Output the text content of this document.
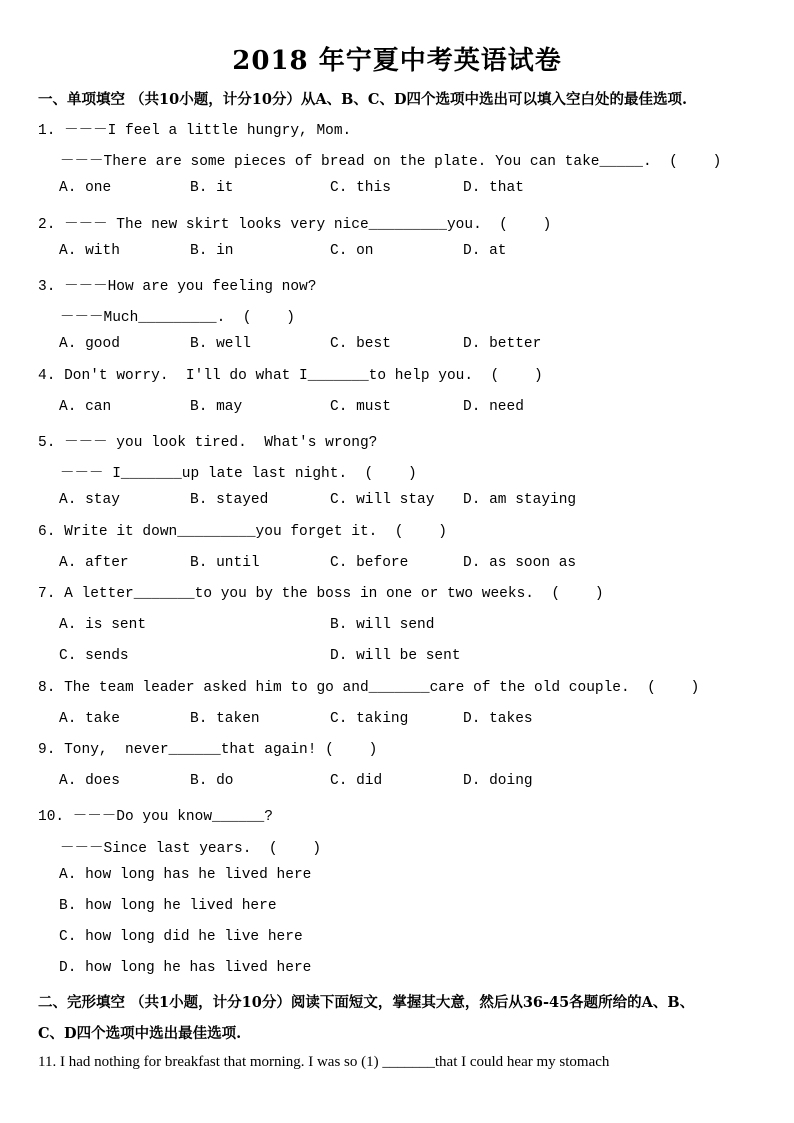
2018 年宁夏中考英语试卷
一、单项填空 （共10小题，计分10分）从A、B、C、D四个选项中选出可以填入空白处的最佳选项.
1. －－－I feel a little hungry, Mom.
－－－There are some pieces of bread on the plate. You can take_____.  (    )
A. one	B. it	C. this	D. that
2. －－－ The new skirt looks very nice_________you.  (    )
A. with	B. in	C. on	D. at
3. －－－How are you feeling now?
－－－Much_________.  (    )
A. good	B. well	C. best	D. better
4. Don't worry.  I'll do what I_______to help you.  (    )
A. can	B. may	C. must	D. need
5. －－－ you look tired.  What's wrong?
－－－ I_______up late last night.  (    )
A. stay	B. stayed	C. will stay D. am staying
6. Write it down_________you forget it.  (    )
A. after	B. until	C. before	D. as soon as
7. A letter_______to you by the boss in one or two weeks.  (    )
A. is sent	B. will send
C. sends	D. will be sent
8. The team leader asked him to go and_______care of the old couple.  (    )
A. take	B. taken	C. taking	D. takes
9. Tony,  never______that again! (    )
A. does	B. do	C. did	D. doing
10. －－－Do you know______?
－－－Since last years.  (    )
A. how long has he lived here
B. how long he lived here
C. how long did he live here
D. how long he has lived here
二、完形填空 （共1小题，计分10分）阅读下面短文，掌握其大意，然后从36-45各题所给的A、B、
C、D四个选项中选出最佳选项.
11. I had nothing for breakfast that morning. I was so (1) _______that I could hear my stomach
